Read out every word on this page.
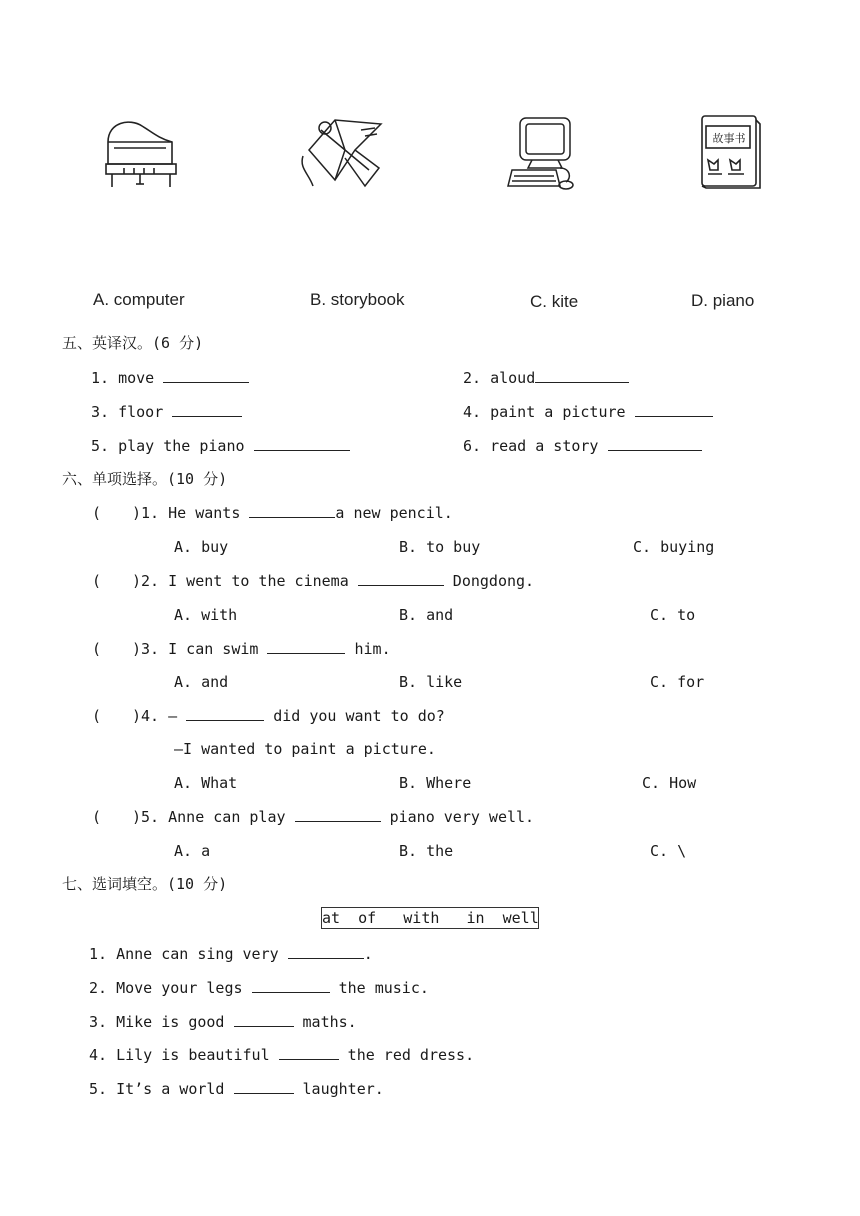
故事书
A. computer	B. storybook	C. kite	D. piano
五、英译汉。(6 分)
1. move	2. aloud
3. floor	4. paint a picture
5. play the piano	6. read a story
六、单项选择。(10 分)
( )1. He wants	a new pencil.
A. buy	B. to buy	C. buying
( )2. I went to the cinema	Dongdong.
A. with	B. and	C. to
( )3. I can swim	him.
A. and	B. like	C. for
( )4. —	did you want to do?
—I wanted to paint a picture.
A. What	B. Where	C. How
( )5. Anne can play	piano very well.
A. a	B. the	C. \
七、选词填空。(10 分)
at  of   with   in  well
1. Anne can sing very	.
2. Move your legs	the music.
3. Mike is good	maths.
4. Lily is beautiful	the red dress.
5. It’s a world	laughter.
